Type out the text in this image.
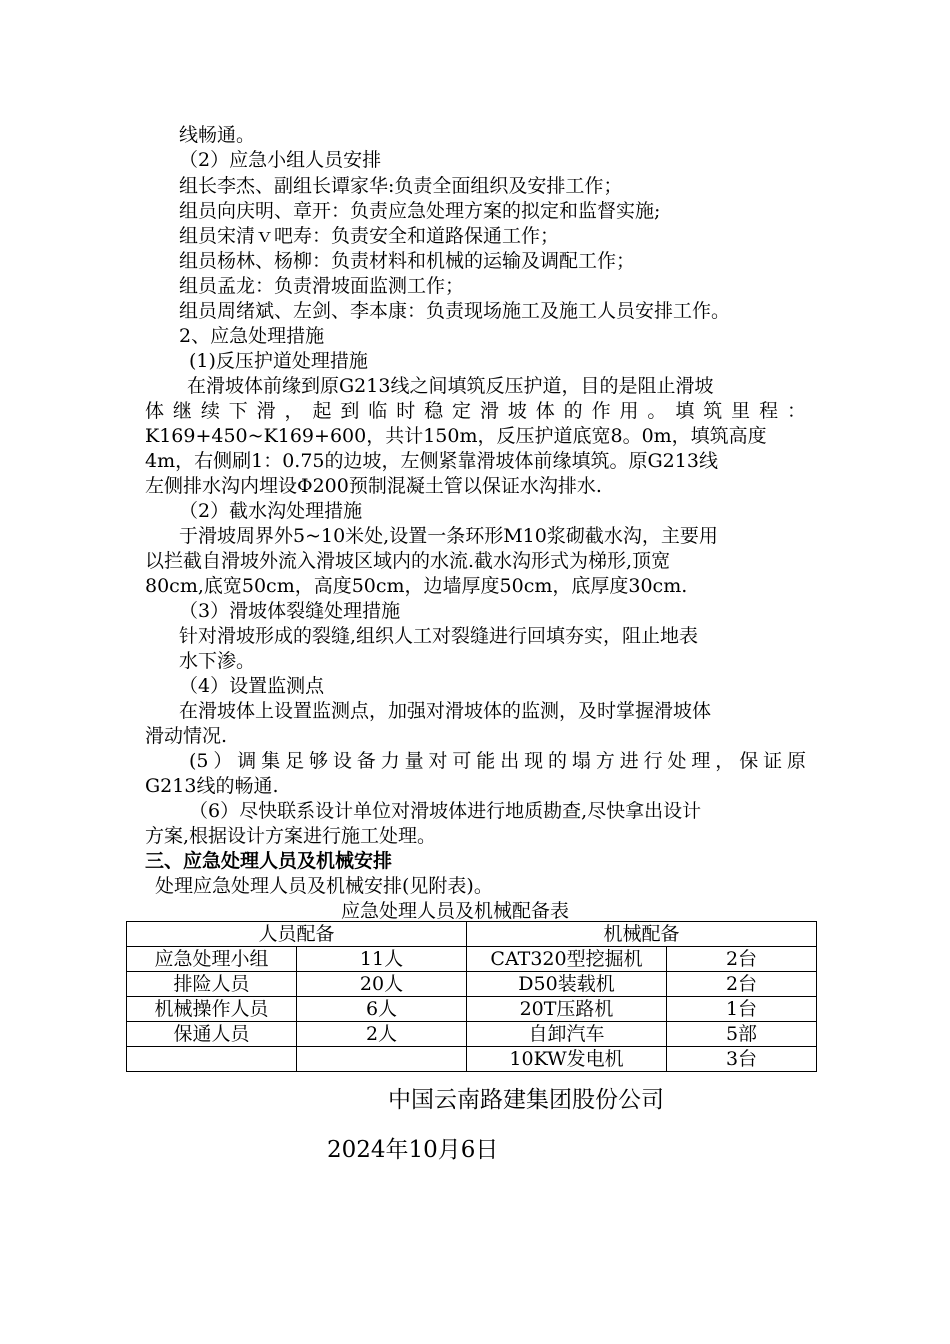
线畅通。
（2）应急小组人员安排
组长李杰、副组长谭家华:负责全面组织及安排工作；
组员向庆明、章开：负责应急处理方案的拟定和监督实施;
组员宋清ｖ吧寿：负责安全和道路保通工作；
组员杨林、杨柳：负责材料和机械的运输及调配工作；
组员孟龙：负责滑坡面监测工作；
组员周绪斌、左剑、李本康：负责现场施工及施工人员安排工作。
2、应急处理措施
(1)反压护道处理措施
在滑坡体前缘到原G213线之间填筑反压护道，目的是阻止滑坡
体继续下滑，起到临时稳定滑坡体的作用。填筑里程：
K169+450~K169+600，共计150m，反压护道底宽8。0m，填筑高度
4m，右侧刷1：0.75的边坡，左侧紧靠滑坡体前缘填筑。原G213线
左侧排水沟内埋设Φ200预制混凝土管以保证水沟排水.
（2）截水沟处理措施
于滑坡周界外5~10米处,设置一条环形M10浆砌截水沟，主要用
以拦截自滑坡外流入滑坡区域内的水流.截水沟形式为梯形,顶宽
80cm,底宽50cm，高度50cm，边墙厚度50cm，底厚度30cm.
（3）滑坡体裂缝处理措施
针对滑坡形成的裂缝,组织人工对裂缝进行回填夯实，阻止地表
水下渗。
（4）设置监测点
在滑坡体上设置监测点，加强对滑坡体的监测，及时掌握滑坡体
滑动情况.
(5）调集足够设备力量对可能出现的塌方进行处理，保证原
G213线的畅通.
（6）尽快联系设计单位对滑坡体进行地质勘查,尽快拿出设计
方案,根据设计方案进行施工处理。
三、应急处理人员及机械安排
处理应急处理人员及机械安排(见附表)。
应急处理人员及机械配备表
人员配备		机械配备	
应急处理小组	11人	CAT320型挖掘机	2台
排险人员	20人	D50装载机	2台
机械操作人员	6人	20T压路机	1台
保通人员	2人	自卸汽车	5部
		10KW发电机	3台
中国云南路建集团股份公司
2024年10月6日
